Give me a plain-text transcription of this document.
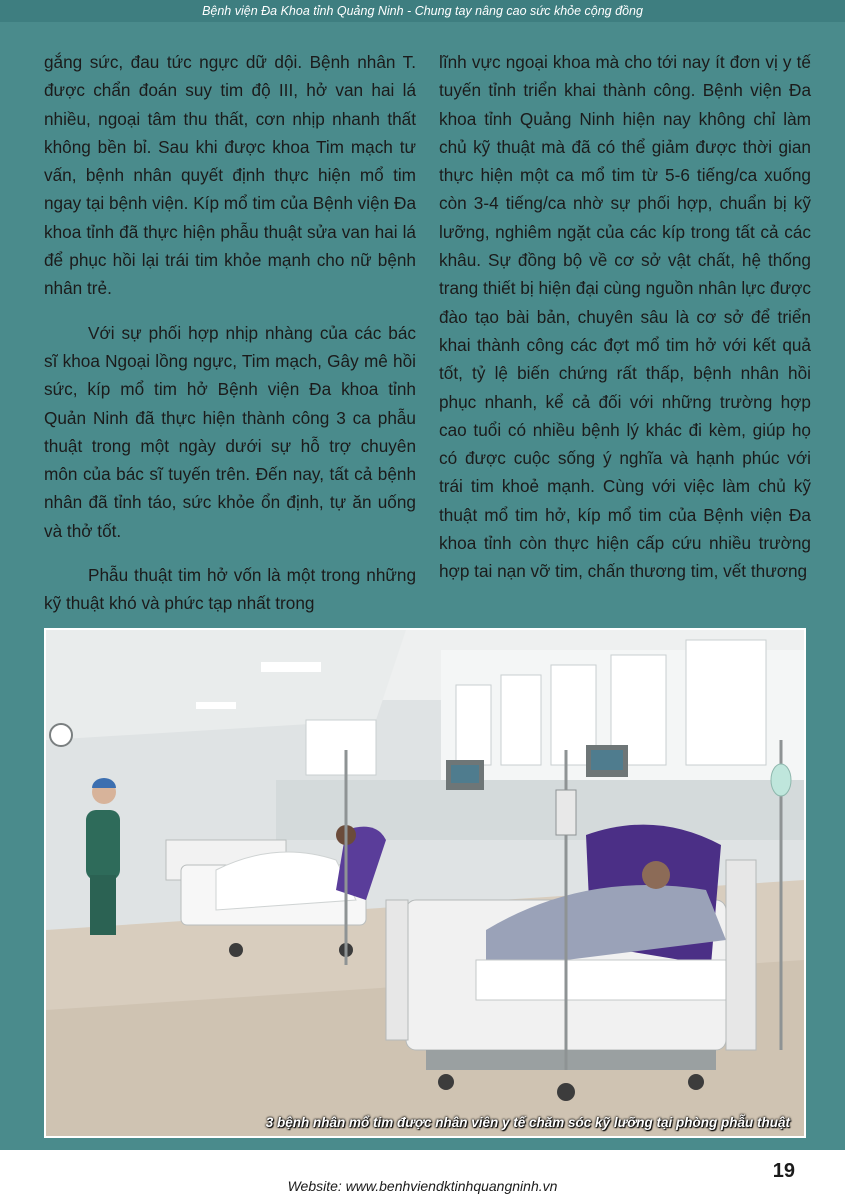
Bệnh viện Đa Khoa tỉnh Quảng Ninh - Chung tay nâng cao sức khỏe cộng đồng

gắng sức, đau tức ngực dữ dội. Bệnh nhân T. được chẩn đoán suy tim độ III, hở van hai lá nhiều, ngoại tâm thu thất, cơn nhịp nhanh thất không bền bỉ. Sau khi được khoa Tim mạch tư vấn, bệnh nhân quyết định thực hiện mổ tim ngay tại bệnh viện. Kíp mổ tim của Bệnh viện Đa khoa tỉnh đã thực hiện phẫu thuật sửa van hai lá để phục hồi lại trái tim khỏe mạnh cho nữ bệnh nhân trẻ.

Với sự phối hợp nhịp nhàng của các bác sĩ khoa Ngoại lồng ngực, Tim mạch, Gây mê hồi sức, kíp mổ tim hở Bệnh viện Đa khoa tỉnh Quản Ninh đã thực hiện thành công 3 ca phẫu thuật trong một ngày dưới sự hỗ trợ chuyên môn của bác sĩ tuyến trên. Đến nay, tất cả bệnh nhân đã tỉnh táo, sức khỏe ổn định, tự ăn uống và thở tốt.

Phẫu thuật tim hở vốn là một trong những kỹ thuật khó và phức tạp nhất trong

lĩnh vực ngoại khoa mà cho tới nay ít đơn vị y tế tuyến tỉnh triển khai thành công. Bệnh viện Đa khoa tỉnh Quảng Ninh hiện nay không chỉ làm chủ kỹ thuật mà đã có thể giảm được thời gian thực hiện một ca mổ tim từ 5-6 tiếng/ca xuống còn 3-4 tiếng/ca nhờ sự phối hợp, chuẩn bị kỹ lưỡng, nghiêm ngặt của các kíp trong tất cả các khâu. Sự đồng bộ về cơ sở vật chất, hệ thống trang thiết bị hiện đại cùng nguồn nhân lực được đào tạo bài bản, chuyên sâu là cơ sở để triển khai thành công các đợt mổ tim hở với kết quả tốt, tỷ lệ biến chứng rất thấp, bệnh nhân hồi phục nhanh, kể cả đối với những trường hợp cao tuổi có nhiều bệnh lý khác đi kèm, giúp họ có được cuộc sống ý nghĩa và hạnh phúc với trái tim khoẻ mạnh. Cùng với việc làm chủ kỹ thuật mổ tim hở, kíp mổ tim của Bệnh viện Đa khoa tỉnh còn thực hiện cấp cứu nhiều trường hợp tai nạn vỡ tim, chấn thương tim, vết thương

3 bệnh nhân mổ tim được nhân viên y tế chăm sóc kỹ lưỡng tại phòng phẫu thuật
19
Website: www.benhviendktinhquangninh.vn
